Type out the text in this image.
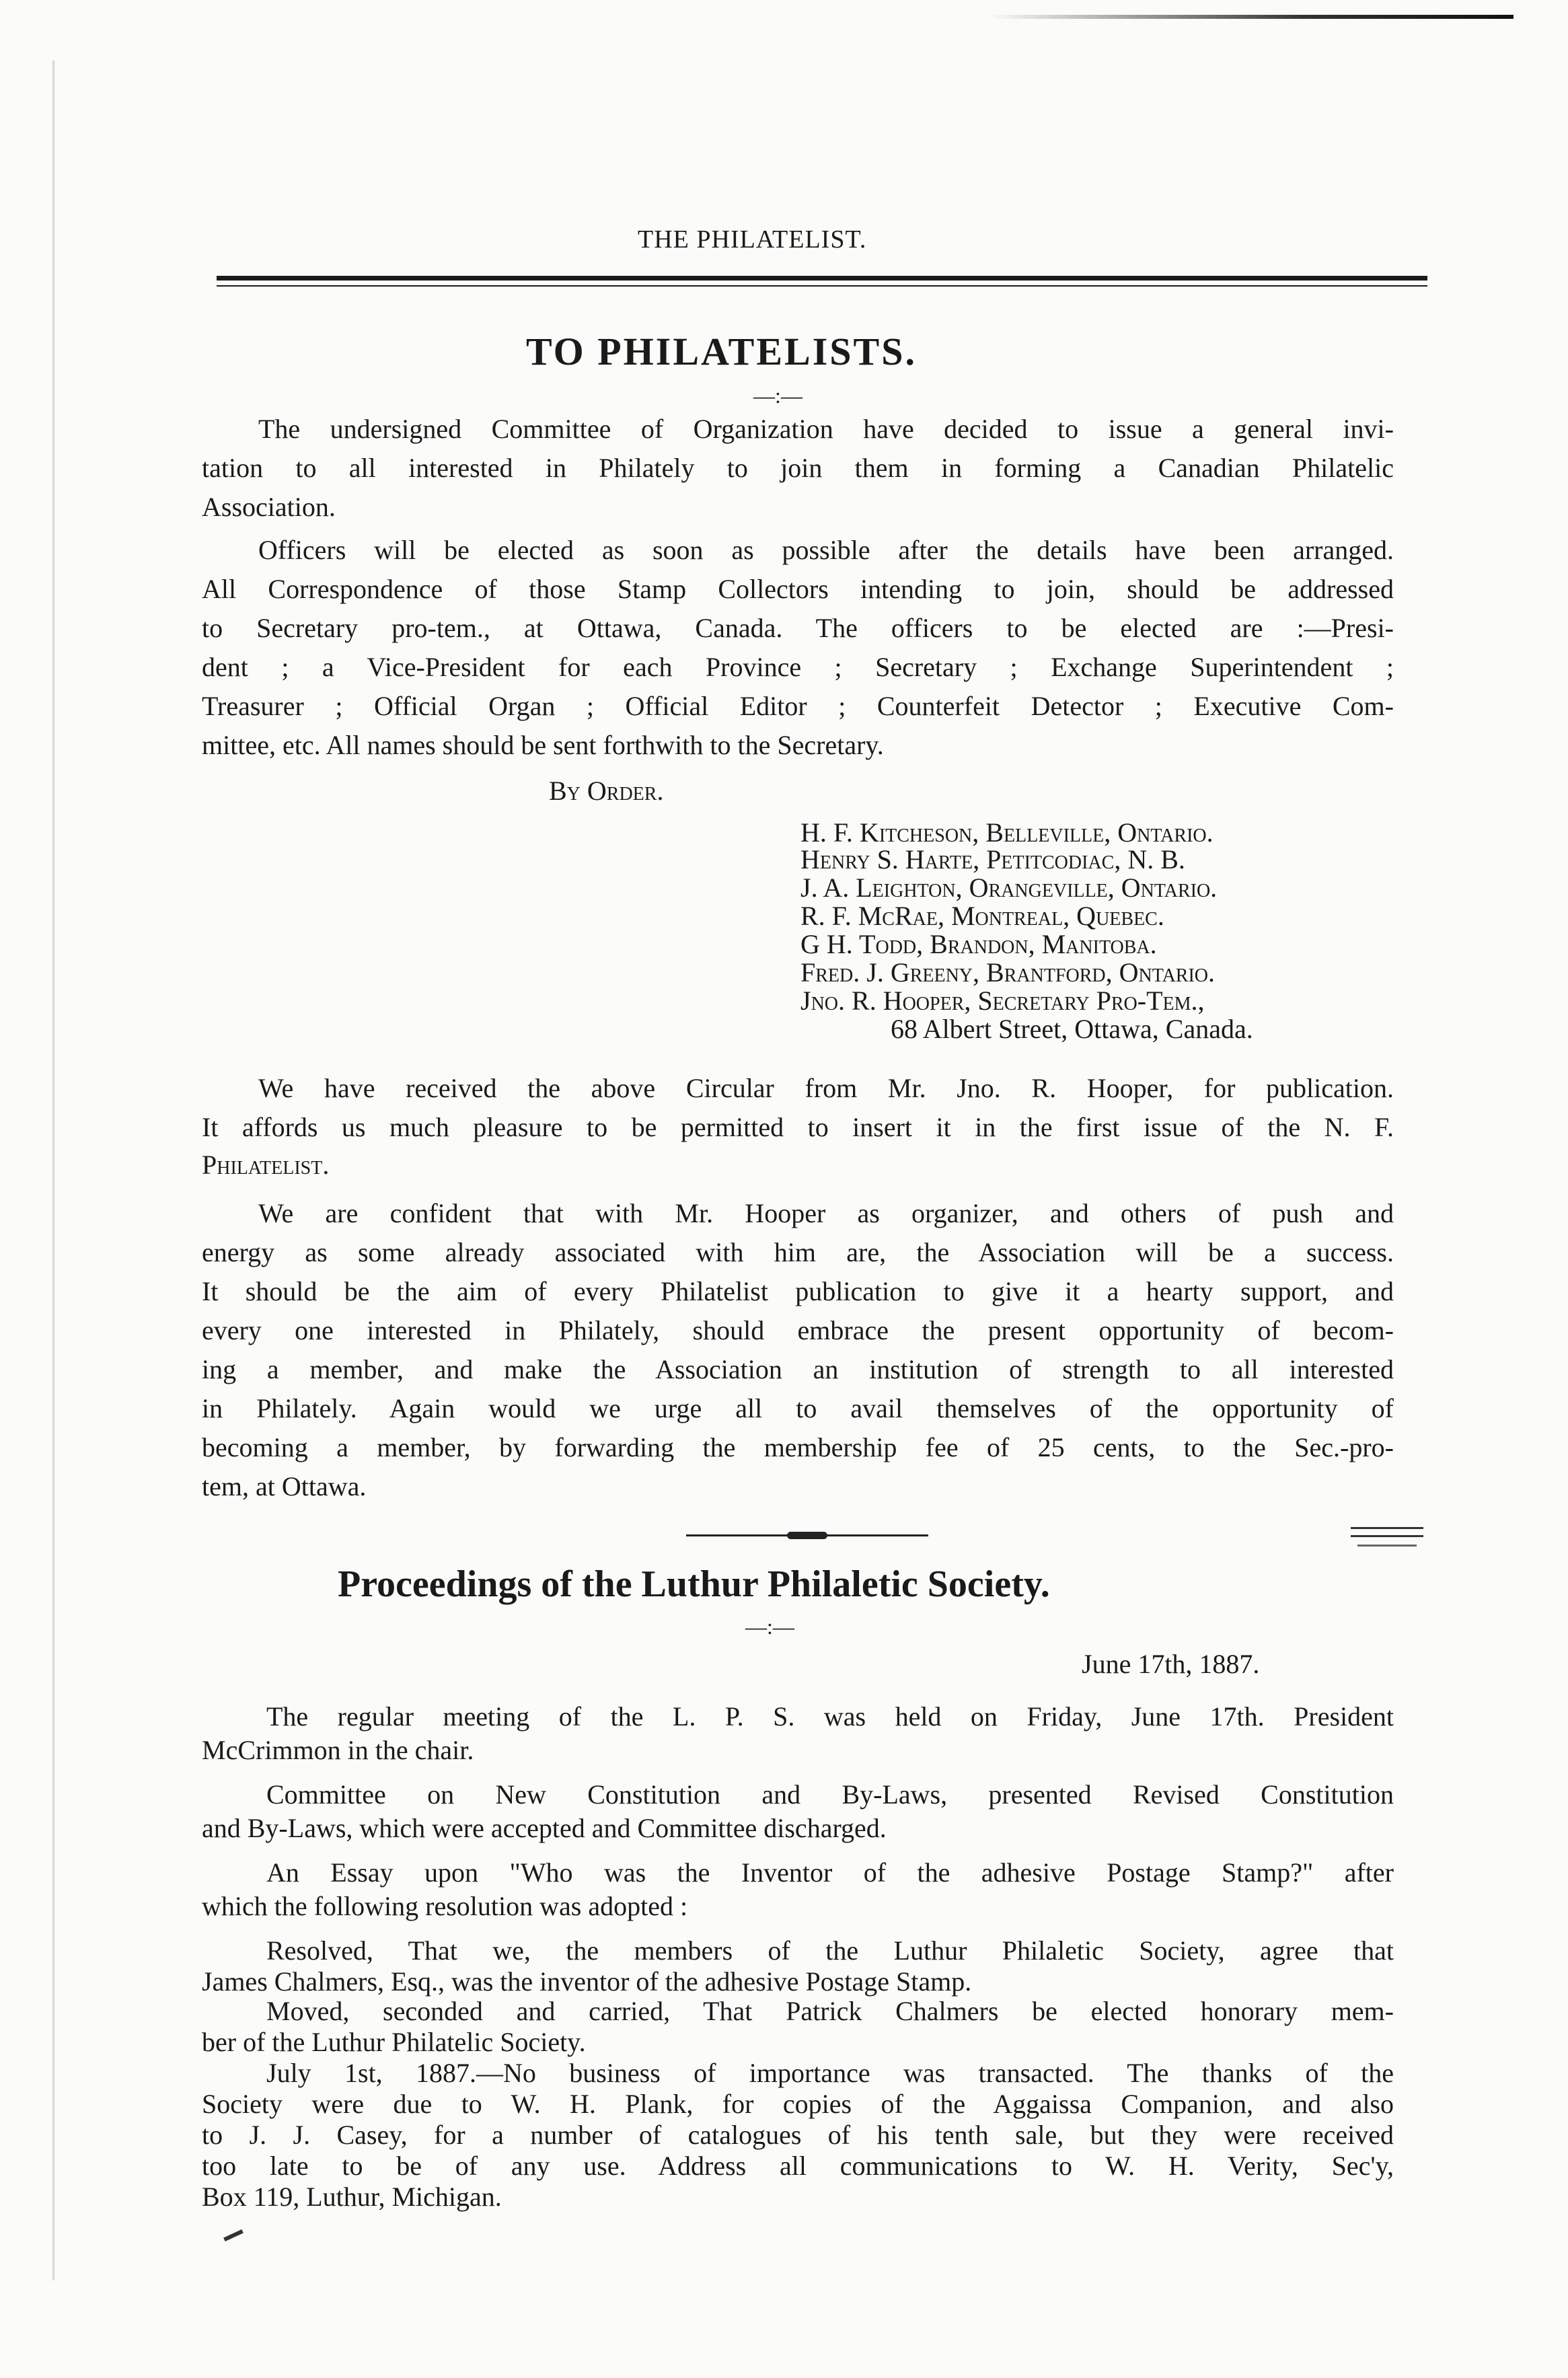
THE PHILATELIST.
TO PHILATELISTS.
—:—
The undersigned Committee of Organization have decided to issue a general invi-
tation to all interested in Philately to join them in forming a Canadian Philatelic
Association.
Officers will be elected as soon as possible after the details have been arranged.
All Correspondence of those Stamp Collectors intending to join, should be addressed
to Secretary pro-tem., at Ottawa, Canada. The officers to be elected are :—Presi-
dent ; a Vice-President for each Province ; Secretary ; Exchange Superintendent ;
Treasurer ; Official Organ ; Official Editor ; Counterfeit Detector ; Executive Com-
mittee, etc. All names should be sent forthwith to the Secretary.
By Order.
H. F. Kitcheson, Belleville, Ontario.
Henry S. Harte, Petitcodiac, N. B.
J. A. Leighton, Orangeville, Ontario.
R. F. McRae, Montreal, Quebec.
G H. Todd, Brandon, Manitoba.
Fred. J. Greeny, Brantford, Ontario.
Jno. R. Hooper, Secretary Pro-Tem.,
68 Albert Street, Ottawa, Canada.
We have received the above Circular from Mr. Jno. R. Hooper, for publication.
It affords us much pleasure to be permitted to insert it in the first issue of the N. F.
Philatelist.
We are confident that with Mr. Hooper as organizer, and others of push and
energy as some already associated with him are, the Association will be a success.
It should be the aim of every Philatelist publication to give it a hearty support, and
every one interested in Philately, should embrace the present opportunity of becom-
ing a member, and make the Association an institution of strength to all interested
in Philately. Again would we urge all to avail themselves of the opportunity of
becoming a member, by forwarding the membership fee of 25 cents, to the Sec.-pro-
tem, at Ottawa.
Proceedings of the Luthur Philaletic Society.
—:—
June 17th, 1887.
The regular meeting of the L. P. S. was held on Friday, June 17th. President
McCrimmon in the chair.
Committee on New Constitution and By-Laws, presented Revised Constitution
and By-Laws, which were accepted and Committee discharged.
An Essay upon "Who was the Inventor of the adhesive Postage Stamp?" after
which the following resolution was adopted :
Resolved, That we, the members of the Luthur Philaletic Society, agree that
James Chalmers, Esq., was the inventor of the adhesive Postage Stamp.
Moved, seconded and carried, That Patrick Chalmers be elected honorary mem-
ber of the Luthur Philatelic Society.
July 1st, 1887.—No business of importance was transacted. The thanks of the
Society were due to W. H. Plank, for copies of the Aggaissa Companion, and also
to J. J. Casey, for a number of catalogues of his tenth sale, but they were received
too late to be of any use. Address all communications to W. H. Verity, Sec'y,
Box 119, Luthur, Michigan.
